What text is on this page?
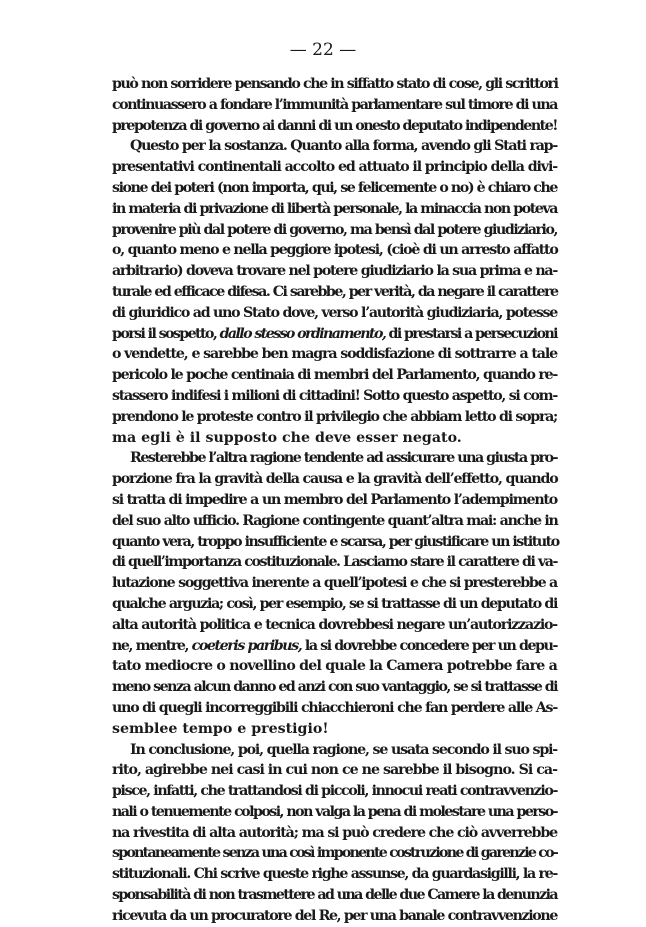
— 22 —
può non sorridere pensando che in siffatto stato di cose, gli scrittori
continuassero a fondare l’immunità parlamentare sul timore di una
prepotenza di governo ai danni di un onesto deputato indipendente!
Questo per la sostanza. Quanto alla forma, avendo gli Stati rap-
presentativi continentali accolto ed attuato il principio della divi-
sione dei poteri (non importa, qui, se felicemente o no) è chiaro che
in materia di privazione di libertà personale, la minaccia non poteva
provenire più dal potere di governo, ma bensì dal potere giudiziario,
o, quanto meno e nella peggiore ipotesi, (cioè di un arresto affatto
arbitrario) doveva trovare nel potere giudiziario la sua prima e na-
turale ed efficace difesa. Ci sarebbe, per verità, da negare il carattere
di giuridico ad uno Stato dove, verso l’autorità giudiziaria, potesse
porsi il sospetto, dallo stesso ordinamento, di prestarsi a persecuzioni
o vendette, e sarebbe ben magra soddisfazione di sottrarre a tale
pericolo le poche centinaia di membri del Parlamento, quando re-
stassero indifesi i milioni di cittadini! Sotto questo aspetto, si com-
prendono le proteste contro il privilegio che abbiam letto di sopra;
ma egli è il supposto che deve esser negato.
Resterebbe l’altra ragione tendente ad assicurare una giusta pro-
porzione fra la gravità della causa e la gravità dell’effetto, quando
si tratta di impedire a un membro del Parlamento l’adempimento
del suo alto ufficio. Ragione contingente quant’altra mai: anche in
quanto vera, troppo insufficiente e scarsa, per giustificare un istituto
di quell’importanza costituzionale. Lasciamo stare il carattere di va-
lutazione soggettiva inerente a quell’ipotesi e che si presterebbe a
qualche arguzia; così, per esempio, se si trattasse di un deputato di
alta autorità politica e tecnica dovrebbesi negare un’autorizzazio-
ne, mentre, coeteris paribus, la si dovrebbe concedere per un depu-
tato mediocre o novellino del quale la Camera potrebbe fare a
meno senza alcun danno ed anzi con suo vantaggio, se si trattasse di
uno di quegli incorreggibili chiacchieroni che fan perdere alle As-
semblee tempo e prestigio!
In conclusione, poi, quella ragione, se usata secondo il suo spi-
rito, agirebbe nei casi in cui non ce ne sarebbe il bisogno. Si ca-
pisce, infatti, che trattandosi di piccoli, innocui reati contravvenzio-
nali o tenuemente colposi, non valga la pena di molestare una perso-
na rivestita di alta autorità; ma si può credere che ciò avverrebbe
spontaneamente senza una così imponente costruzione di garenzie co-
stituzionali. Chi scrive queste righe assunse, da guardasigilli, la re-
sponsabilità di non trasmettere ad una delle due Camere la denunzia
ricevuta da un procuratore del Re, per una banale contravvenzione
